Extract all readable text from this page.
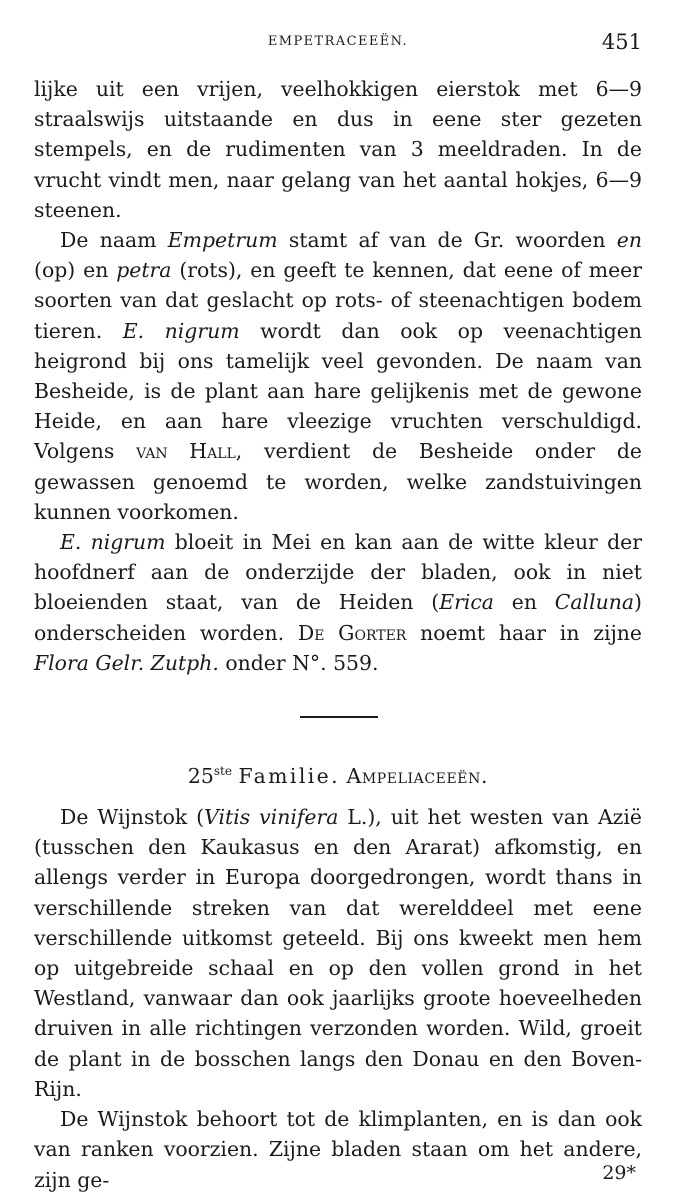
EMPETRACEEËN.	451

lijke uit een vrijen, veelhokkigen eierstok met 6—9 straalswijs uitstaande en dus in eene ster gezeten stempels, en de rudimenten van 3 meeldraden. In de vrucht vindt men, naar gelang van het aantal hokjes, 6—9 steenen.

De naam Empetrum stamt af van de Gr. woorden en (op) en petra (rots), en geeft te kennen, dat eene of meer soorten van dat geslacht op rots- of steenachtigen bodem tieren. E. nigrum wordt dan ook op veenachtigen heigrond bij ons tamelijk veel gevonden. De naam van Besheide, is de plant aan hare gelijkenis met de gewone Heide, en aan hare vleezige vruchten verschuldigd. Volgens van Hall, verdient de Besheide onder de gewassen genoemd te worden, welke zandstuivingen kunnen voorkomen.

E. nigrum bloeit in Mei en kan aan de witte kleur der hoofdnerf aan de onderzijde der bladen, ook in niet bloeienden staat, van de Heiden (Erica en Calluna) onderscheiden worden. De Gorter noemt haar in zijne Flora Gelr. Zutph. onder N°. 559.

25ste Familie. Ampeliaceeën.

De Wijnstok (Vitis vinifera L.), uit het westen van Azië (tusschen den Kaukasus en den Ararat) afkomstig, en allengs verder in Europa doorgedrongen, wordt thans in verschillende streken van dat werelddeel met eene verschillende uitkomst geteeld. Bij ons kweekt men hem op uitgebreide schaal en op den vollen grond in het Westland, vanwaar dan ook jaarlijks groote hoeveelheden druiven in alle richtingen verzonden worden. Wild, groeit de plant in de bosschen langs den Donau en den Boven-Rijn.

De Wijnstok behoort tot de klimplanten, en is dan ook van ranken voorzien. Zijne bladen staan om het andere, zijn ge-	29*
